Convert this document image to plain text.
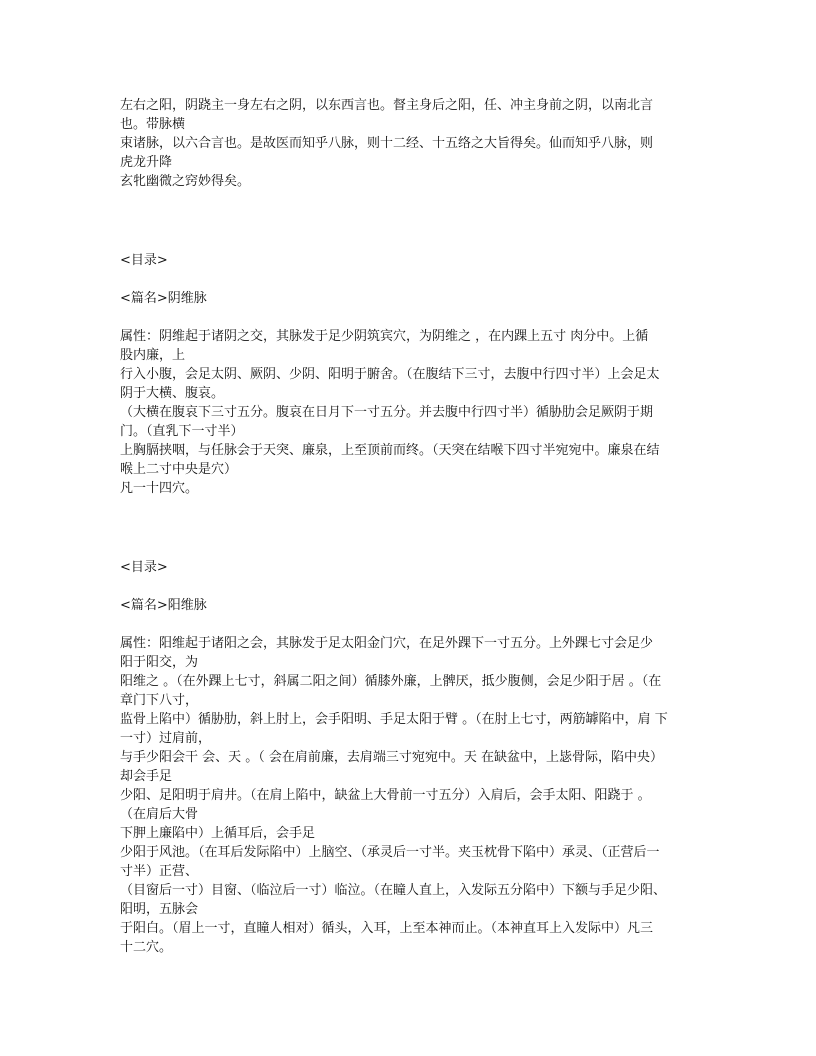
左右之阳，阴跷主一身左右之阴，以东西言也。督主身后之阳，任、冲主身前之阴，以南北言

也。带脉横

束诸脉，以六合言也。是故医而知乎八脉，则十二经、十五络之大旨得矣。仙而知乎八脉，则

虎龙升降

玄牝幽微之窍妙得矣。

<目录>

<篇名>阴维脉

属性：阴维起于诸阴之交，其脉发于足少阴筑宾穴，为阴维之 ，在内踝上五寸 肉分中。上循

股内廉，上

行入小腹，会足太阴、厥阴、少阴、阳明于腑舍。（在腹结下三寸，去腹中行四寸半）上会足太

阴于大横、腹哀。

（大横在腹哀下三寸五分。腹哀在日月下一寸五分。并去腹中行四寸半）循胁肋会足厥阴于期

门。（直乳下一寸半）

上胸膈挟咽，与任脉会于天突、廉泉，上至顶前而终。（天突在结喉下四寸半宛宛中。廉泉在结

喉上二寸中央是穴）

凡一十四穴。

<目录>

<篇名>阳维脉

属性：阳维起于诸阳之会，其脉发于足太阳金门穴，在足外踝下一寸五分。上外踝七寸会足少

阳于阳交，为

阳维之 。（在外踝上七寸，斜属二阳之间）循膝外廉，上髀厌，抵少腹侧，会足少阳于居 。（在

章门下八寸，

监骨上陷中）循胁肋，斜上肘上，会手阳明、手足太阳于臂 。（在肘上七寸，两筋罅陷中，肩 下

一寸）过肩前，

与手少阳会干 会、天 。（ 会在肩前廉，去肩端三寸宛宛中。天 在缺盆中，上毖骨际，陷中央）

却会手足

少阳、足阳明于肩井。（在肩上陷中，缺盆上大骨前一寸五分）入肩后，会手太阳、阳跷于 。

（在肩后大骨

下胛上廉陷中）上循耳后，会手足

少阳于风池。（在耳后发际陷中）上脑空、（承灵后一寸半。夹玉枕骨下陷中）承灵、（正营后一

寸半）正营、

（目窗后一寸）目窗、（临泣后一寸）临泣。（在瞳人直上，入发际五分陷中）下额与手足少阳、

阳明，五脉会

于阳白。（眉上一寸，直瞳人相对）循头，入耳，上至本神而止。（本神直耳上入发际中）凡三

十二穴。
